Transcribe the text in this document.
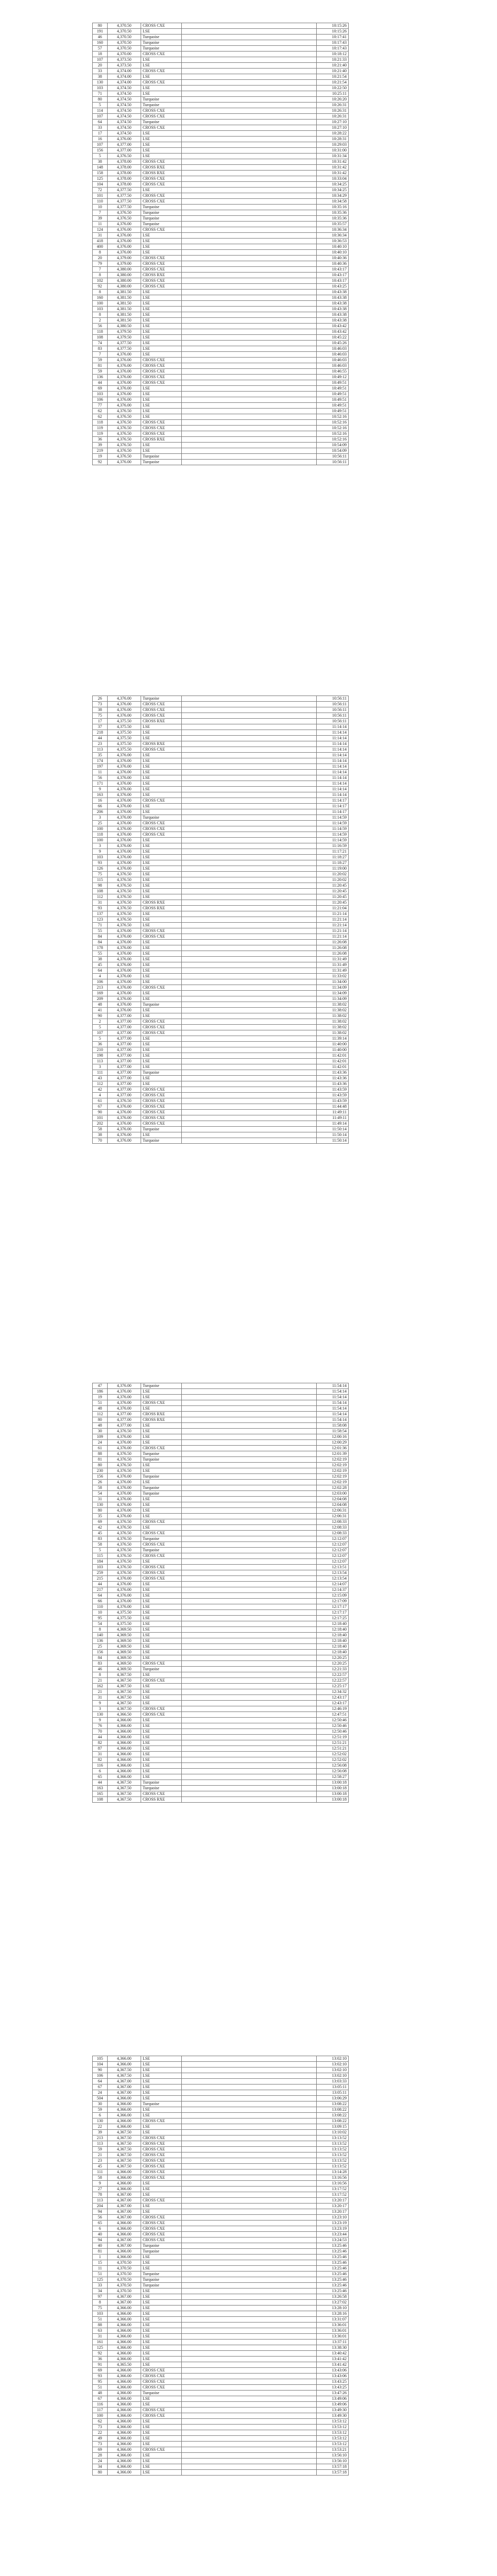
80	4,370.50	CROSS CXE		10:15:26
191	4,370.50	LSE		10:15:26
46	4,370.50	Turquoise		10:17:41
160	4,370.50	Turquoise		10:17:43
57	4,370.50	Turquoise		10:17:43
18	4,370.00	CROSS CXE		10:18:12
107	4,373.50	LSE		10:21:33
20	4,373.50	LSE		10:21:40
33	4,374.00	CROSS CXE		10:21:40
38	4,374.00	LSE		10:21:54
130	4,374.00	CROSS CXE		10:21:54
103	4,374.50	LSE		10:22:50
71	4,374.50	LSE		10:25:11
80	4,374.50	Turquoise		10:26:20
5	4,374.50	Turquoise		10:26:31
114	4,374.50	CROSS CXE		10:26:31
107	4,374.50	CROSS CXE		10:26:31
64	4,374.50	Turquoise		10:27:10
33	4,374.50	CROSS CXE		10:27:10
17	4,374.50	LSE		10:28:22
16	4,376.00	LSE		10:28:31
107	4,377.00	LSE		10:29:03
156	4,377.00	LSE		10:31:00
5	4,376.50	LSE		10:31:34
38	4,378.00	CROSS CXE		10:31:42
148	4,378.00	CROSS RXE		10:31:42
158	4,378.00	CROSS RXE		10:31:42
125	4,378.00	CROSS CXE		10:33:04
104	4,378.00	CROSS CXE		10:34:25
72	4,377.50	LSE		10:34:25
101	4,377.50	CROSS CXE		10:34:29
110	4,377.50	CROSS CXE		10:34:58
10	4,377.50	Turquoise		10:35:16
7	4,376.50	Turquoise		10:35:36
39	4,376.50	Turquoise		10:35:36
11	4,376.00	Turquoise		10:35:57
124	4,376.00	CROSS CXE		10:36:34
31	4,376.00	LSE		10:36:34
418	4,376.00	LSE		10:36:53
400	4,376.00	LSE		10:40:10
8	4,376.00	LSE		10:40:10
20	4,379.00	CROSS CXE		10:40:36
79	4,379.00	CROSS CXE		10:40:36
7	4,380.00	CROSS CXE		10:43:17
8	4,380.00	CROSS RXE		10:43:17
102	4,380.00	CROSS CXE		10:43:17
92	4,380.00	CROSS CXE		10:43:25
8	4,381.50	LSE		10:43:38
160	4,381.50	LSE		10:43:38
100	4,381.50	LSE		10:43:38
103	4,381.50	LSE		10:43:38
8	4,381.50	LSE		10:43:38
2	4,381.50	LSE		10:43:38
56	4,380.50	LSE		10:43:42
118	4,379.50	LSE		10:43:42
108	4,379.50	LSE		10:45:22
74	4,377.50	LSE		10:45:26
83	4,377.50	LSE		10:46:03
7	4,376.00	LSE		10:46:03
59	4,376.00	CROSS CXE		10:46:03
81	4,376.00	CROSS CXE		10:46:03
59	4,376.00	CROSS CXE		10:46:55
136	4,376.00	CROSS CXE		10:49:12
44	4,376.00	CROSS CXE		10:49:51
69	4,376.00	LSE		10:49:51
103	4,376.00	LSE		10:49:51
106	4,376.00	LSE		10:49:51
77	4,376.00	LSE		10:49:51
62	4,376.50	LSE		10:49:51
62	4,376.50	LSE		10:52:16
118	4,376.50	CROSS CXE		10:52:16
119	4,376.50	CROSS CXE		10:52:16
119	4,376.50	CROSS CXE		10:52:16
36	4,376.50	CROSS RXE		10:52:16
39	4,376.50	LSE		10:54:09
219	4,376.50	LSE		10:54:09
19	4,376.50	Turquoise		10:56:11
92	4,376.00	Turquoise		10:56:11
26	4,376.00	Turquoise		10:56:11
73	4,376.00	CROSS CXE		10:56:11
38	4,376.00	CROSS CXE		10:56:11
75	4,376.00	CROSS CXE		10:56:11
17	4,375.50	CROSS RXE		10:56:11
37	4,375.50	LSE		11:14:14
218	4,375.50	LSE		11:14:14
44	4,375.50	LSE		11:14:14
23	4,375.50	CROSS RXE		11:14:14
113	4,375.50	CROSS CXE		11:14:14
35	4,376.00	LSE		11:14:14
174	4,376.00	LSE		11:14:14
197	4,376.00	LSE		11:14:14
11	4,376.00	LSE		11:14:14
56	4,376.00	LSE		11:14:14
171	4,376.00	LSE		11:14:14
9	4,376.00	LSE		11:14:14
163	4,376.00	LSE		11:14:14
16	4,376.00	CROSS CXE		11:14:17
66	4,376.00	LSE		11:14:17
206	4,376.00	LSE		11:14:17
3	4,376.00	Turquoise		11:14:59
25	4,376.00	CROSS CXE		11:14:59
100	4,376.00	CROSS CXE		11:14:59
118	4,376.00	CROSS CXE		11:14:59
100	4,376.00	LSE		11:14:59
3	4,376.00	LSE		11:16:59
9	4,376.00	LSE		11:17:21
103	4,376.00	LSE		11:18:27
93	4,376.00	LSE		11:18:27
126	4,376.00	LSE		11:19:00
75	4,376.50	LSE		11:20:02
115	4,376.50	LSE		11:20:02
98	4,376.50	LSE		11:20:45
108	4,376.50	LSE		11:20:45
112	4,376.50	LSE		11:20:45
31	4,376.50	CROSS RXE		11:20:45
93	4,376.50	CROSS RXE		11:21:04
137	4,376.50	LSE		11:21:14
123	4,376.50	LSE		11:21:14
71	4,376.50	LSE		11:21:14
55	4,376.00	CROSS CXE		11:21:14
84	4,376.00	CROSS CXE		11:21:14
84	4,376.00	LSE		11:26:08
178	4,376.00	LSE		11:26:08
55	4,376.00	LSE		11:26:08
38	4,376.00	LSE		11:31:49
45	4,376.00	LSE		11:31:49
64	4,376.00	LSE		11:31:49
4	4,376.00	LSE		11:33:02
106	4,376.00	LSE		11:34:00
213	4,376.00	CROSS CXE		11:34:09
169	4,376.00	LSE		11:34:09
209	4,376.00	LSE		11:34:09
48	4,376.00	Turquoise		11:38:02
41	4,376.00	LSE		11:38:02
90	4,377.00	LSE		11:38:02
2	4,377.00	CROSS CXE		11:38:02
5	4,377.00	CROSS CXE		11:38:02
107	4,377.00	CROSS CXE		11:38:02
5	4,377.00	LSE		11:39:14
36	4,377.00	LSE		11:40:00
210	4,377.00	LSE		11:40:00
198	4,377.00	LSE		11:42:01
113	4,377.00	LSE		11:42:01
3	4,377.00	LSE		11:42:01
111	4,377.00	Turquoise		11:43:36
43	4,377.00	LSE		11:43:36
112	4,377.00	LSE		11:43:36
42	4,377.00	CROSS CXE		11:43:59
4	4,377.00	CROSS CXE		11:43:59
61	4,376.50	CROSS CXE		11:43:59
67	4,376.00	CROSS CXE		11:44:48
90	4,376.00	CROSS CXE		11:49:11
101	4,376.00	CROSS CXE		11:49:11
202	4,376.00	CROSS CXE		11:49:14
58	4,376.00	Turquoise		11:50:14
38	4,376.00	LSE		11:50:14
70	4,376.00	Turquoise		11:50:14
47	4,376.00	Turquoise		11:54:14
186	4,376.00	LSE		11:54:14
19	4,376.00	LSE		11:54:14
51	4,376.00	CROSS CXE		11:54:14
48	4,376.00	LSE		11:54:14
112	4,377.00	CROSS RXE		11:54:14
80	4,377.00	CROSS RXE		11:54:14
48	4,377.00	LSE		11:58:08
30	4,376.50	LSE		11:58:54
109	4,376.00	LSE		12:00:16
24	4,376.00	LSE		12:00:29
61	4,376.00	CROSS CXE		12:01:36
88	4,376.50	Turquoise		12:01:39
81	4,376.50	Turquoise		12:02:19
80	4,376.50	LSE		12:02:19
230	4,376.50	LSE		12:02:19
156	4,376.00	Turquoise		12:02:19
26	4,376.00	LSE		12:02:19
58	4,376.00	Turquoise		12:02:28
54	4,376.00	Turquoise		12:03:00
31	4,376.00	LSE		12:04:08
130	4,376.00	LSE		12:04:08
80	4,376.00	LSE		12:06:31
35	4,376.00	LSE		12:06:31
69	4,376.50	CROSS CXE		12:08:33
42	4,376.50	LSE		12:08:33
45	4,376.50	CROSS CXE		12:08:33
83	4,376.50	Turquoise		12:12:07
58	4,376.50	CROSS CXE		12:12:07
5	4,376.50	Turquoise		12:12:07
115	4,376.50	CROSS CXE		12:12:07
184	4,376.50	LSE		12:12:07
103	4,376.50	CROSS CXE		12:13:51
259	4,376.50	CROSS CXE		12:13:54
215	4,376.00	CROSS CXE		12:13:54
44	4,376.00	LSE		12:14:07
217	4,376.00	LSE		12:14:37
64	4,376.00	LSE		12:15:09
66	4,376.00	LSE		12:17:09
110	4,376.00	LSE		12:17:17
10	4,375.50	LSE		12:17:17
95	4,375.50	LSE		12:17:25
54	4,375.50	LSE		12:18:40
8	4,369.50	LSE		12:18:40
140	4,369.50	LSE		12:18:40
136	4,369.50	LSE		12:18:40
25	4,369.50	LSE		12:18:40
156	4,369.50	LSE		12:18:40
84	4,369.50	LSE		12:20:25
83	4,369.50	CROSS CXE		12:20:25
46	4,369.50	Turquoise		12:21:33
8	4,367.50	LSE		12:22:57
21	4,367.50	CROSS CXE		12:22:57
162	4,367.50	LSE		12:25:17
21	4,367.50	LSE		12:34:32
31	4,367.50	LSE		12:43:17
9	4,367.50	LSE		12:43:17
3	4,367.50	CROSS CXE		12:46:19
130	4,366.50	CROSS CXE		12:47:51
9	4,366.00	LSE		12:50:46
76	4,366.00	LSE		12:50:46
70	4,366.00	LSE		12:50:46
44	4,366.00	LSE		12:51:19
82	4,366.00	LSE		12:51:21
87	4,366.00	LSE		12:51:21
31	4,366.00	LSE		12:52:02
82	4,366.00	LSE		12:52:02
116	4,366.00	LSE		12:56:08
6	4,366.00	LSE		12:56:08
65	4,366.00	LSE		12:58:27
44	4,367.50	Turquoise		13:00:18
163	4,367.50	Turquoise		13:00:18
165	4,367.50	CROSS CXE		13:00:18
108	4,367.50	CROSS RXE		13:00:18
105	4,366.00	LSE		13:02:10
104	4,366.00	LSE		13:02:10
90	4,367.50	LSE		13:02:10
106	4,367.50	LSE		13:02:10
64	4,367.00	LSE		13:03:33
67	4,367.00	LSE		13:05:11
24	4,367.00	LSE		13:05:11
504	4,366.00	LSE		13:06:29
30	4,366.00	Turquoise		13:08:22
59	4,366.00	LSE		13:08:22
6	4,366.00	LSE		13:08:22
130	4,366.00	CROSS CXE		13:08:22
22	4,366.00	LSE		13:09:15
39	4,367.50	LSE		13:10:02
213	4,367.50	CROSS CXE		13:13:52
113	4,367.50	CROSS CXE		13:13:52
59	4,367.50	CROSS CXE		13:13:52
21	4,367.50	CROSS CXE		13:13:52
23	4,367.50	CROSS CXE		13:13:52
45	4,367.50	CROSS CXE		13:13:52
111	4,366.00	CROSS CXE		13:14:28
58	4,366.00	CROSS CXE		13:16:56
9	4,366.00	LSE		13:16:56
27	4,366.00	LSE		13:17:52
78	4,367.00	LSE		13:17:52
113	4,367.00	CROSS CXE		13:20:17
204	4,367.00	LSE		13:20:17
94	4,367.00	LSE		13:20:17
56	4,367.00	CROSS CXE		13:23:10
65	4,366.00	CROSS CXE		13:23:19
6	4,366.00	CROSS CXE		13:23:19
40	4,366.00	CROSS CXE		13:23:44
94	4,367.00	CROSS CXE		13:24:53
40	4,367.00	Turquoise		13:25:46
81	4,366.00	Turquoise		13:25:46
1	4,366.00	LSE		13:25:46
15	4,370.50	LSE		13:25:46
11	4,370.50	LSE		13:25:46
51	4,370.50	Turquoise		13:25:46
125	4,370.50	Turquoise		13:25:46
33	4,370.50	Turquoise		13:25:46
34	4,370.50	LSE		13:25:46
97	4,367.00	LSE		13:26:58
8	4,367.00	LSE		13:27:02
75	4,366.00	LSE		13:28:10
103	4,366.00	LSE		13:28:16
51	4,366.00	LSE		13:31:07
88	4,366.00	LSE		13:36:01
63	4,366.00	LSE		13:36:01
31	4,366.00	LSE		13:36:01
161	4,366.00	LSE		13:37:11
125	4,366.00	LSE		13:38:30
92	4,366.00	LSE		13:40:42
36	4,366.00	LSE		13:41:42
91	4,365.50	LSE		13:41:42
69	4,366.00	CROSS CXE		13:43:06
93	4,366.00	CROSS CXE		13:43:06
95	4,366.00	CROSS CXE		13:43:25
51	4,366.00	CROSS CXE		13:43:25
48	4,366.00	Turquoise		13:47:26
67	4,366.00	LSE		13:49:06
116	4,366.00	LSE		13:49:06
117	4,366.00	CROSS CXE		13:49:30
100	4,366.00	CROSS CXE		13:49:30
62	4,366.00	LSE		13:53:12
73	4,366.00	LSE		13:53:12
22	4,366.00	LSE		13:53:12
49	4,366.00	LSE		13:53:12
73	4,366.00	LSE		13:53:12
69	4,366.00	CROSS CXE		13:53:21
28	4,366.00	LSE		13:56:10
24	4,366.00	LSE		13:56:10
34	4,366.00	LSE		13:57:18
80	4,366.00	LSE		13:57:18
